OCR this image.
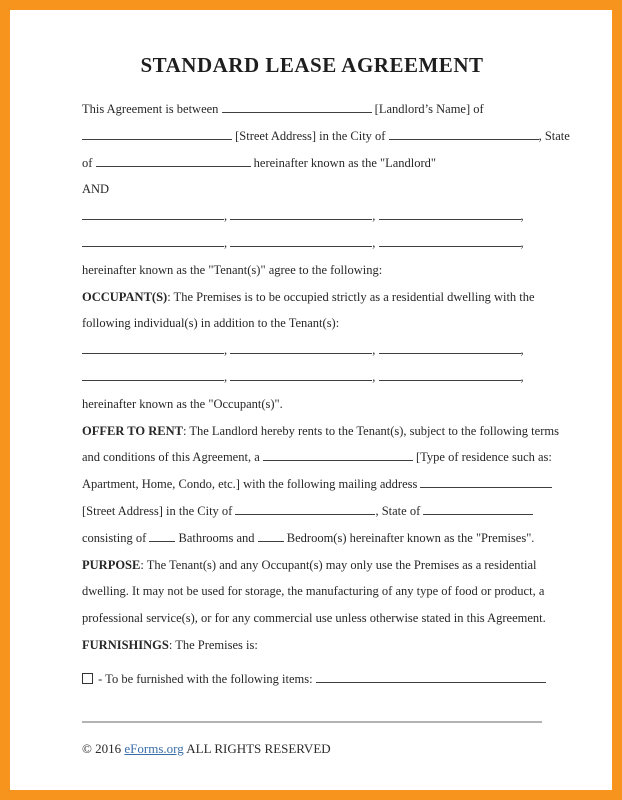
STANDARD LEASE AGREEMENT
This Agreement is between	[Landlord’s Name] of
[Street Address] in the City of	, State
of	hereinafter known as the "Landlord"
AND
,	,	,
,	,	,
hereinafter known as the "Tenant(s)" agree to the following:
OCCUPANT(S): The Premises is to be occupied strictly as a residential dwelling with the
following individual(s) in addition to the Tenant(s):
,	,	,
,	,	,
hereinafter known as the "Occupant(s)".
OFFER TO RENT: The Landlord hereby rents to the Tenant(s), subject to the following terms
and conditions of this Agreement, a	[Type of residence such as:
Apartment, Home, Condo, etc.] with the following mailing address
[Street Address] in the City of	, State of
consisting of  Bathrooms and  Bedroom(s) hereinafter known as the "Premises".
PURPOSE: The Tenant(s) and any Occupant(s) may only use the Premises as a residential
dwelling. It may not be used for storage, the manufacturing of any type of food or product, a
professional service(s), or for any commercial use unless otherwise stated in this Agreement.
FURNISHINGS: The Premises is:
- To be furnished with the following items:
© 2016 eForms.org ALL RIGHTS RESERVED
